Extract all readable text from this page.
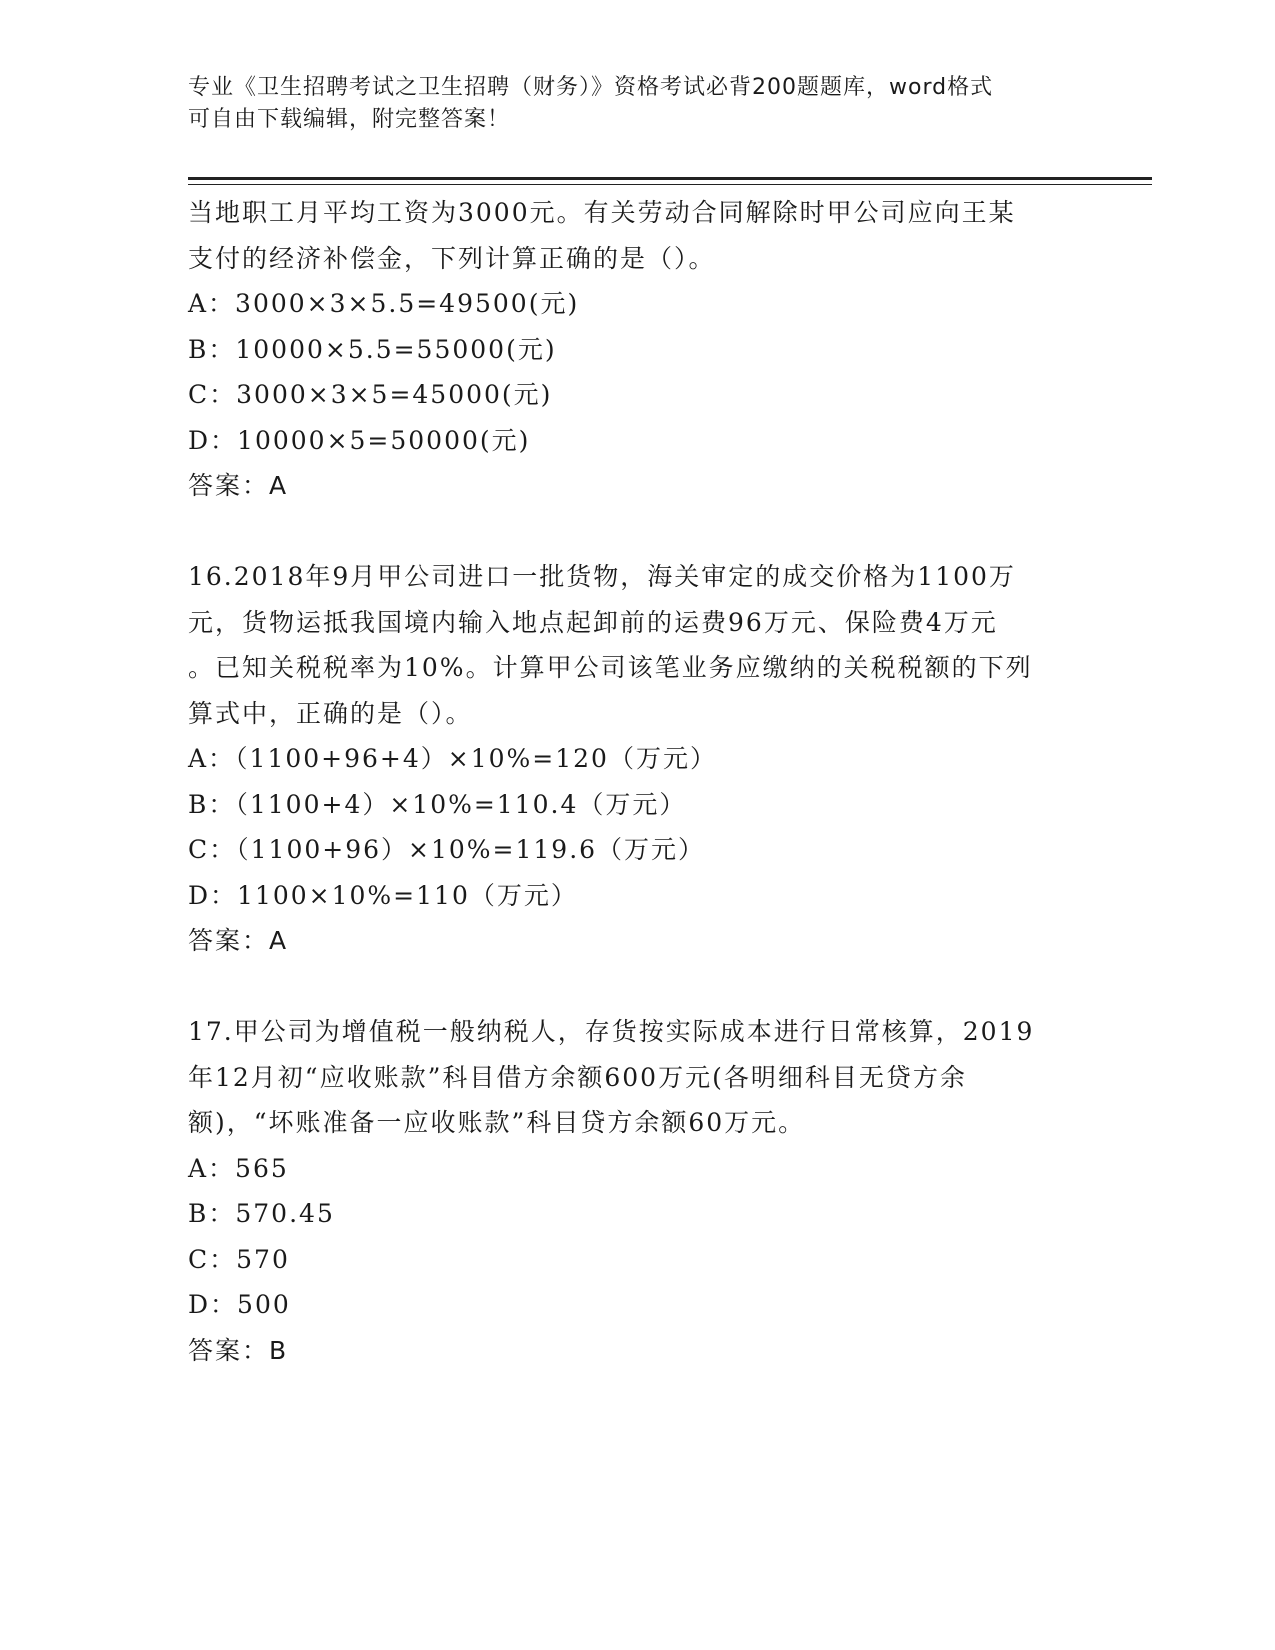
专业《卫生招聘考试之卫生招聘（财务）》资格考试必背200题题库，word格式
可自由下载编辑，附完整答案！
当地职工月平均工资为3000元。有关劳动合同解除时甲公司应向王某
支付的经济补偿金，下列计算正确的是（）。
A：3000×3×5.5=49500(元)
B：10000×5.5=55000(元)
C：3000×3×5=45000(元)
D：10000×5=50000(元)
答案：A
16.2018年9月甲公司进口一批货物，海关审定的成交价格为1100万
元，货物运抵我国境内输入地点起卸前的运费96万元、保险费4万元
。已知关税税率为10%。计算甲公司该笔业务应缴纳的关税税额的下列
算式中，正确的是（）。
A：（1100+96+4）×10%=120（万元）
B：（1100+4）×10%=110.4（万元）
C：（1100+96）×10%=119.6（万元）
D：1100×10%=110（万元）
答案：A
17.甲公司为增值税一般纳税人，存货按实际成本进行日常核算，2019
年12月初“应收账款”科目借方余额600万元(各明细科目无贷方余
额)，“坏账准备一应收账款”科目贷方余额60万元。
A：565
B：570.45
C：570
D：500
答案：B
